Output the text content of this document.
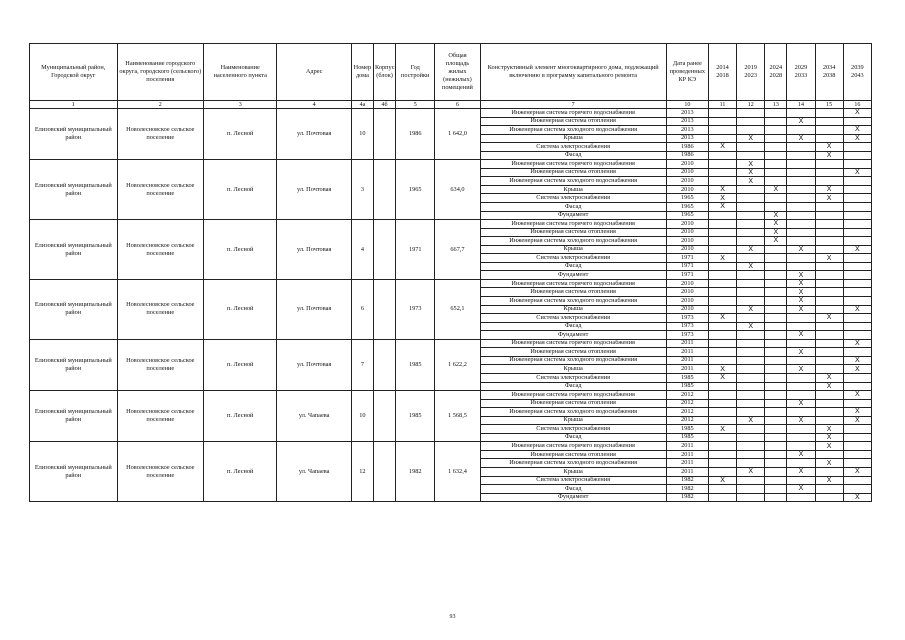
Муниципальный район, Городской округ	Наименование городского округа, городского (сельского) поселения	Наименование населенного пункта	Адрес	Номер дома	Корпус (блок)	Год постройки	Общая площадь жилых (нежилых) помещений	Конструктивный элемент многоквартирного дома, подлежащий включению в программу капитального ремонта	Дата ранее проведенных КР КЭ	2014 2018	2019 2023	2024 2028	2029 2033	2034 2038	2039 2043
1	2	3	4	4а	4б	5	6	7	10	11	12	13	14	15	16
Елизовский муниципальный район	Новолесновское сельское поселение	п. Лесной	ул. Почтовая	10		1986	1 642,0	Инженерная система горячего водоснабжения	2013						X
								Инженерная система отопления	2013				X		
								Инженерная система холодного водоснабжения	2013						X
								Крыша	2013		X		X		X
								Система электроснабжения	1986	X				X	
								Фасад	1986					X	
Елизовский муниципальный район	Новолесновское сельское поселение	п. Лесной	ул. Почтовая	3		1965	634,0	Инженерная система горячего водоснабжения	2010		X				
								Инженерная система отопления	2010		X				X
								Инженерная система холодного водоснабжения	2010		X				
								Крыша	2010	X		X		X	
								Система электроснабжения	1965	X				X	
								Фасад	1965	X					
								Фундамент	1965			X			
Елизовский муниципальный район	Новолесновское сельское поселение	п. Лесной	ул. Почтовая	4		1971	667,7	Инженерная система горячего водоснабжения	2010			X			
								Инженерная система отопления	2010			X			
								Инженерная система холодного водоснабжения	2010			X			
								Крыша	2010		X		X		X
								Система электроснабжения	1971	X				X	
								Фасад	1971		X				
								Фундамент	1971				X		
Елизовский муниципальный район	Новолесновское сельское поселение	п. Лесной	ул. Почтовая	6		1973	652,1	Инженерная система горячего водоснабжения	2010				X		
								Инженерная система отопления	2010				X		
								Инженерная система холодного водоснабжения	2010				X		
								Крыша	2010		X		X		X
								Система электроснабжения	1973	X				X	
								Фасад	1973		X				
								Фундамент	1973				X		
Елизовский муниципальный район	Новолесновское сельское поселение	п. Лесной	ул. Почтовая	7		1985	1 622,2	Инженерная система горячего водоснабжения	2011						X
								Инженерная система отопления	2011				X		
								Инженерная система холодного водоснабжения	2011						X
								Крыша	2011	X			X		X
								Система электроснабжения	1985	X				X	
								Фасад	1985					X	
Елизовский муниципальный район	Новолесновское сельское поселение	п. Лесной	ул. Чапаева	10		1985	1 568,5	Инженерная система горячего водоснабжения	2012						X
								Инженерная система отопления	2012				X		
								Инженерная система холодного водоснабжения	2012						X
								Крыша	2012		X		X		X
								Система электроснабжения	1985	X				X	
								Фасад	1985					X	
Елизовский муниципальный район	Новолесновское сельское поселение	п. Лесной	ул. Чапаева	12		1982	1 632,4	Инженерная система горячего водоснабжения	2011					X	
								Инженерная система отопления	2011				X		
								Инженерная система холодного водоснабжения	2011					X	
								Крыша	2011		X		X		X
								Система электроснабжения	1982	X				X	
								Фасад	1982				X		
								Фундамент	1982						X
93
